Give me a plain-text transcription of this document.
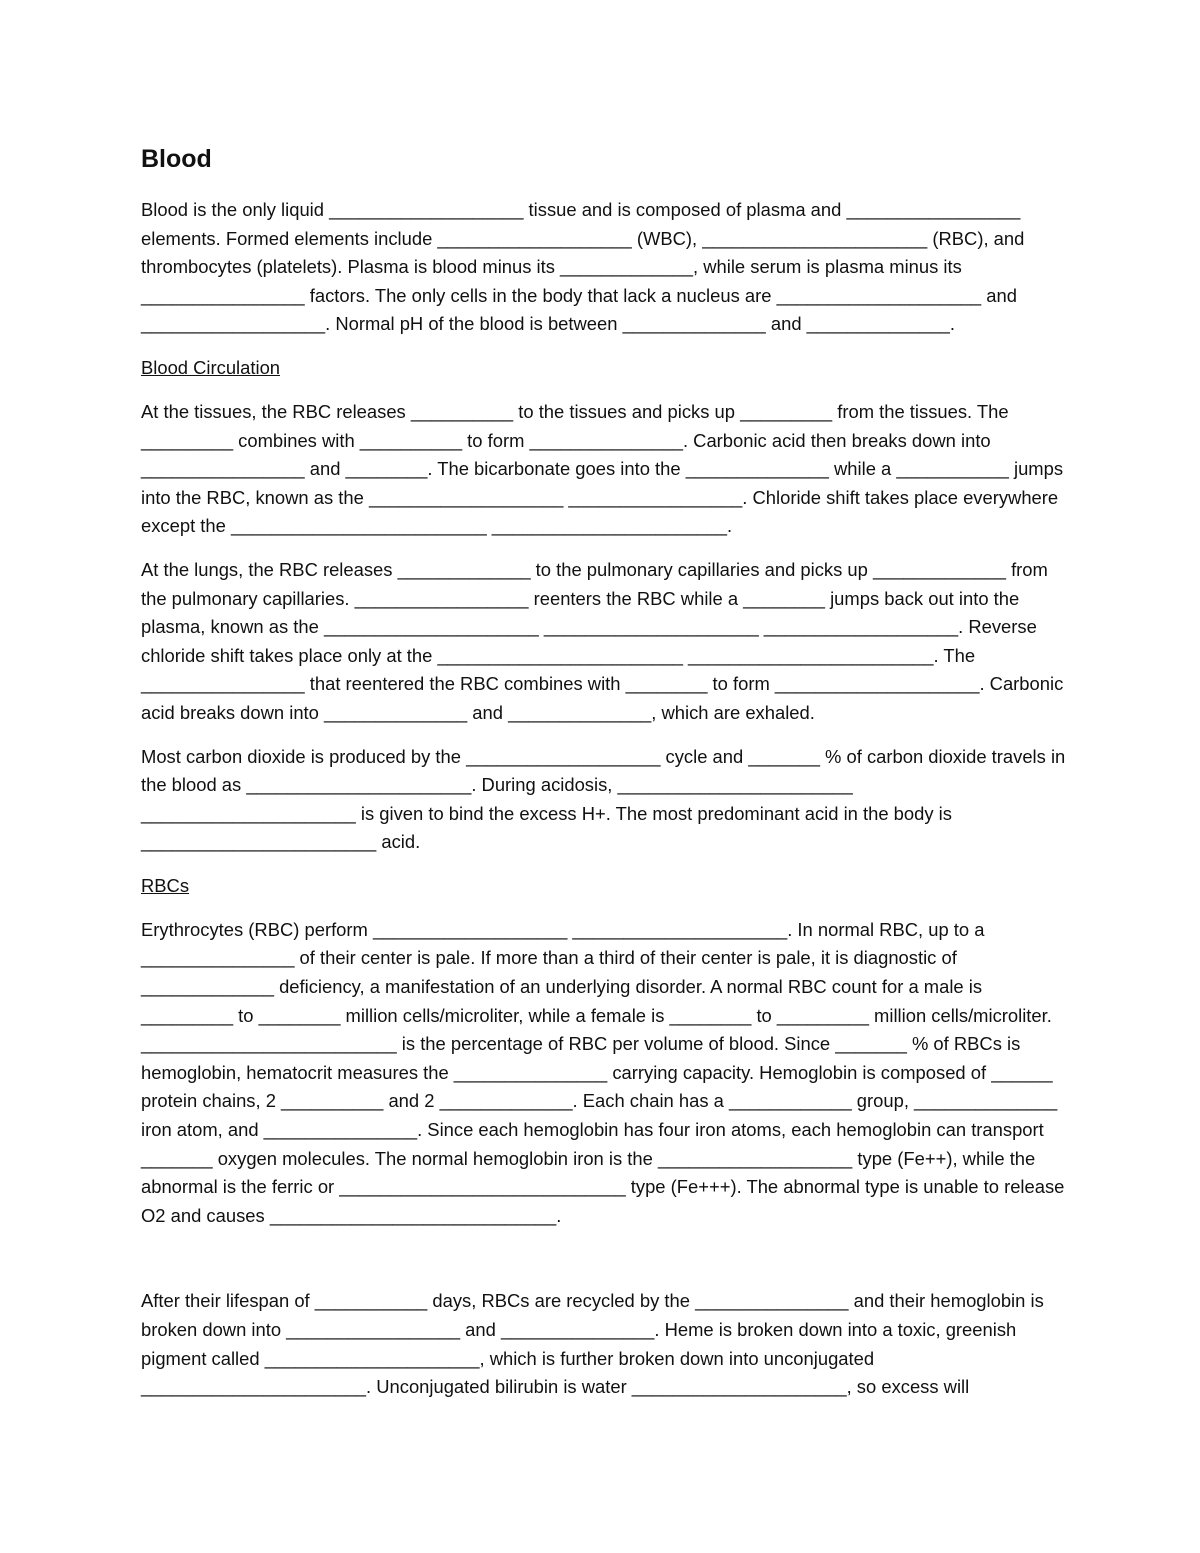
Blood

Blood is the only liquid ___________________ tissue and is composed of plasma and _________________ elements. Formed elements include ___________________ (WBC), ______________________ (RBC), and thrombocytes (platelets). Plasma is blood minus its _____________, while serum is plasma minus its ________________ factors. The only cells in the body that lack a nucleus are ____________________ and __________________. Normal pH of the blood is between ______________ and ______________.

Blood Circulation

At the tissues, the RBC releases __________ to the tissues and picks up _________ from the tissues. The _________ combines with __________ to form _______________. Carbonic acid then breaks down into ________________ and ________. The bicarbonate goes into the ______________ while a ___________ jumps into the RBC, known as the ___________________ _________________. Chloride shift takes place everywhere except the _________________________ _______________________.

At the lungs, the RBC releases _____________ to the pulmonary capillaries and picks up _____________ from the pulmonary capillaries. _________________ reenters the RBC while a ________ jumps back out into the plasma, known as the _____________________ _____________________ ___________________. Reverse chloride shift takes place only at the ________________________ ________________________. The ________________ that reentered the RBC combines with ________ to form ____________________. Carbonic acid breaks down into ______________ and ______________, which are exhaled.

Most carbon dioxide is produced by the ___________________ cycle and _______ % of carbon dioxide travels in the blood as ______________________. During acidosis, _______________________ _____________________ is given to bind the excess H+. The most predominant acid in the body is _______________________ acid.

RBCs

Erythrocytes (RBC) perform ___________________ _____________________. In normal RBC, up to a _______________ of their center is pale. If more than a third of their center is pale, it is diagnostic of _____________ deficiency, a manifestation of an underlying disorder. A normal RBC count for a male is _________ to ________ million cells/microliter, while a female is ________ to _________ million cells/microliter. _________________________ is the percentage of RBC per volume of blood. Since _______ % of RBCs is hemoglobin, hematocrit measures the _______________ carrying capacity. Hemoglobin is composed of ______ protein chains, 2 __________ and 2 _____________. Each chain has a ____________ group, ______________ iron atom, and _______________. Since each hemoglobin has four iron atoms, each hemoglobin can transport _______ oxygen molecules. The normal hemoglobin iron is the ___________________ type (Fe++), while the abnormal is the ferric or ____________________________ type (Fe+++). The abnormal type is unable to release O2 and causes ____________________________.

After their lifespan of ___________ days, RBCs are recycled by the _______________ and their hemoglobin is broken down into _________________ and _______________. Heme is broken down into a toxic, greenish pigment called _____________________, which is further broken down into unconjugated ______________________. Unconjugated bilirubin is water _____________________, so excess will
